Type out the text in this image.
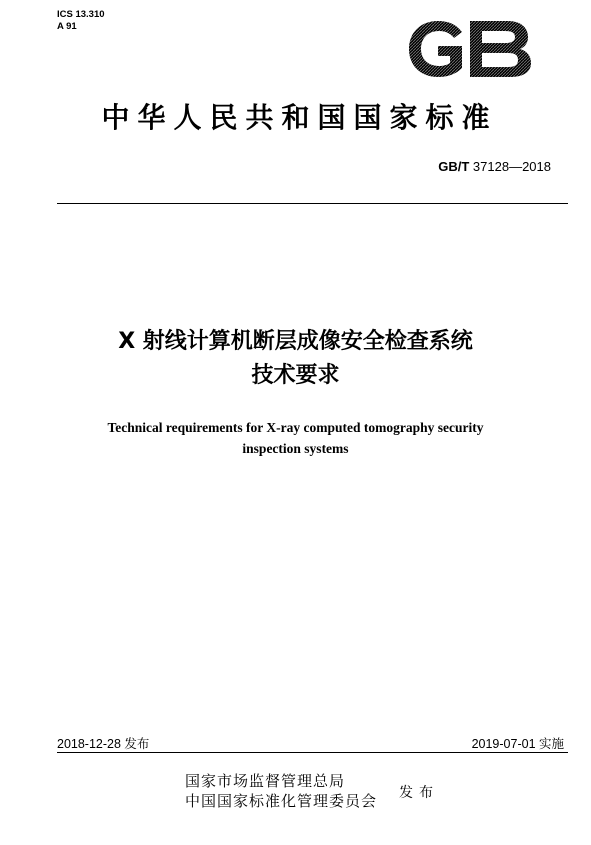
ICS 13.310
A 91
中华人民共和国国家标准
GB/T 37128—2018
X 射线计算机断层成像安全检查系统
技术要求
Technical requirements for X-ray computed tomography security
inspection systems
2018-12-28 发布	2019-07-01 实施
国家市场监督管理总局
中国国家标准化管理委员会 发布
